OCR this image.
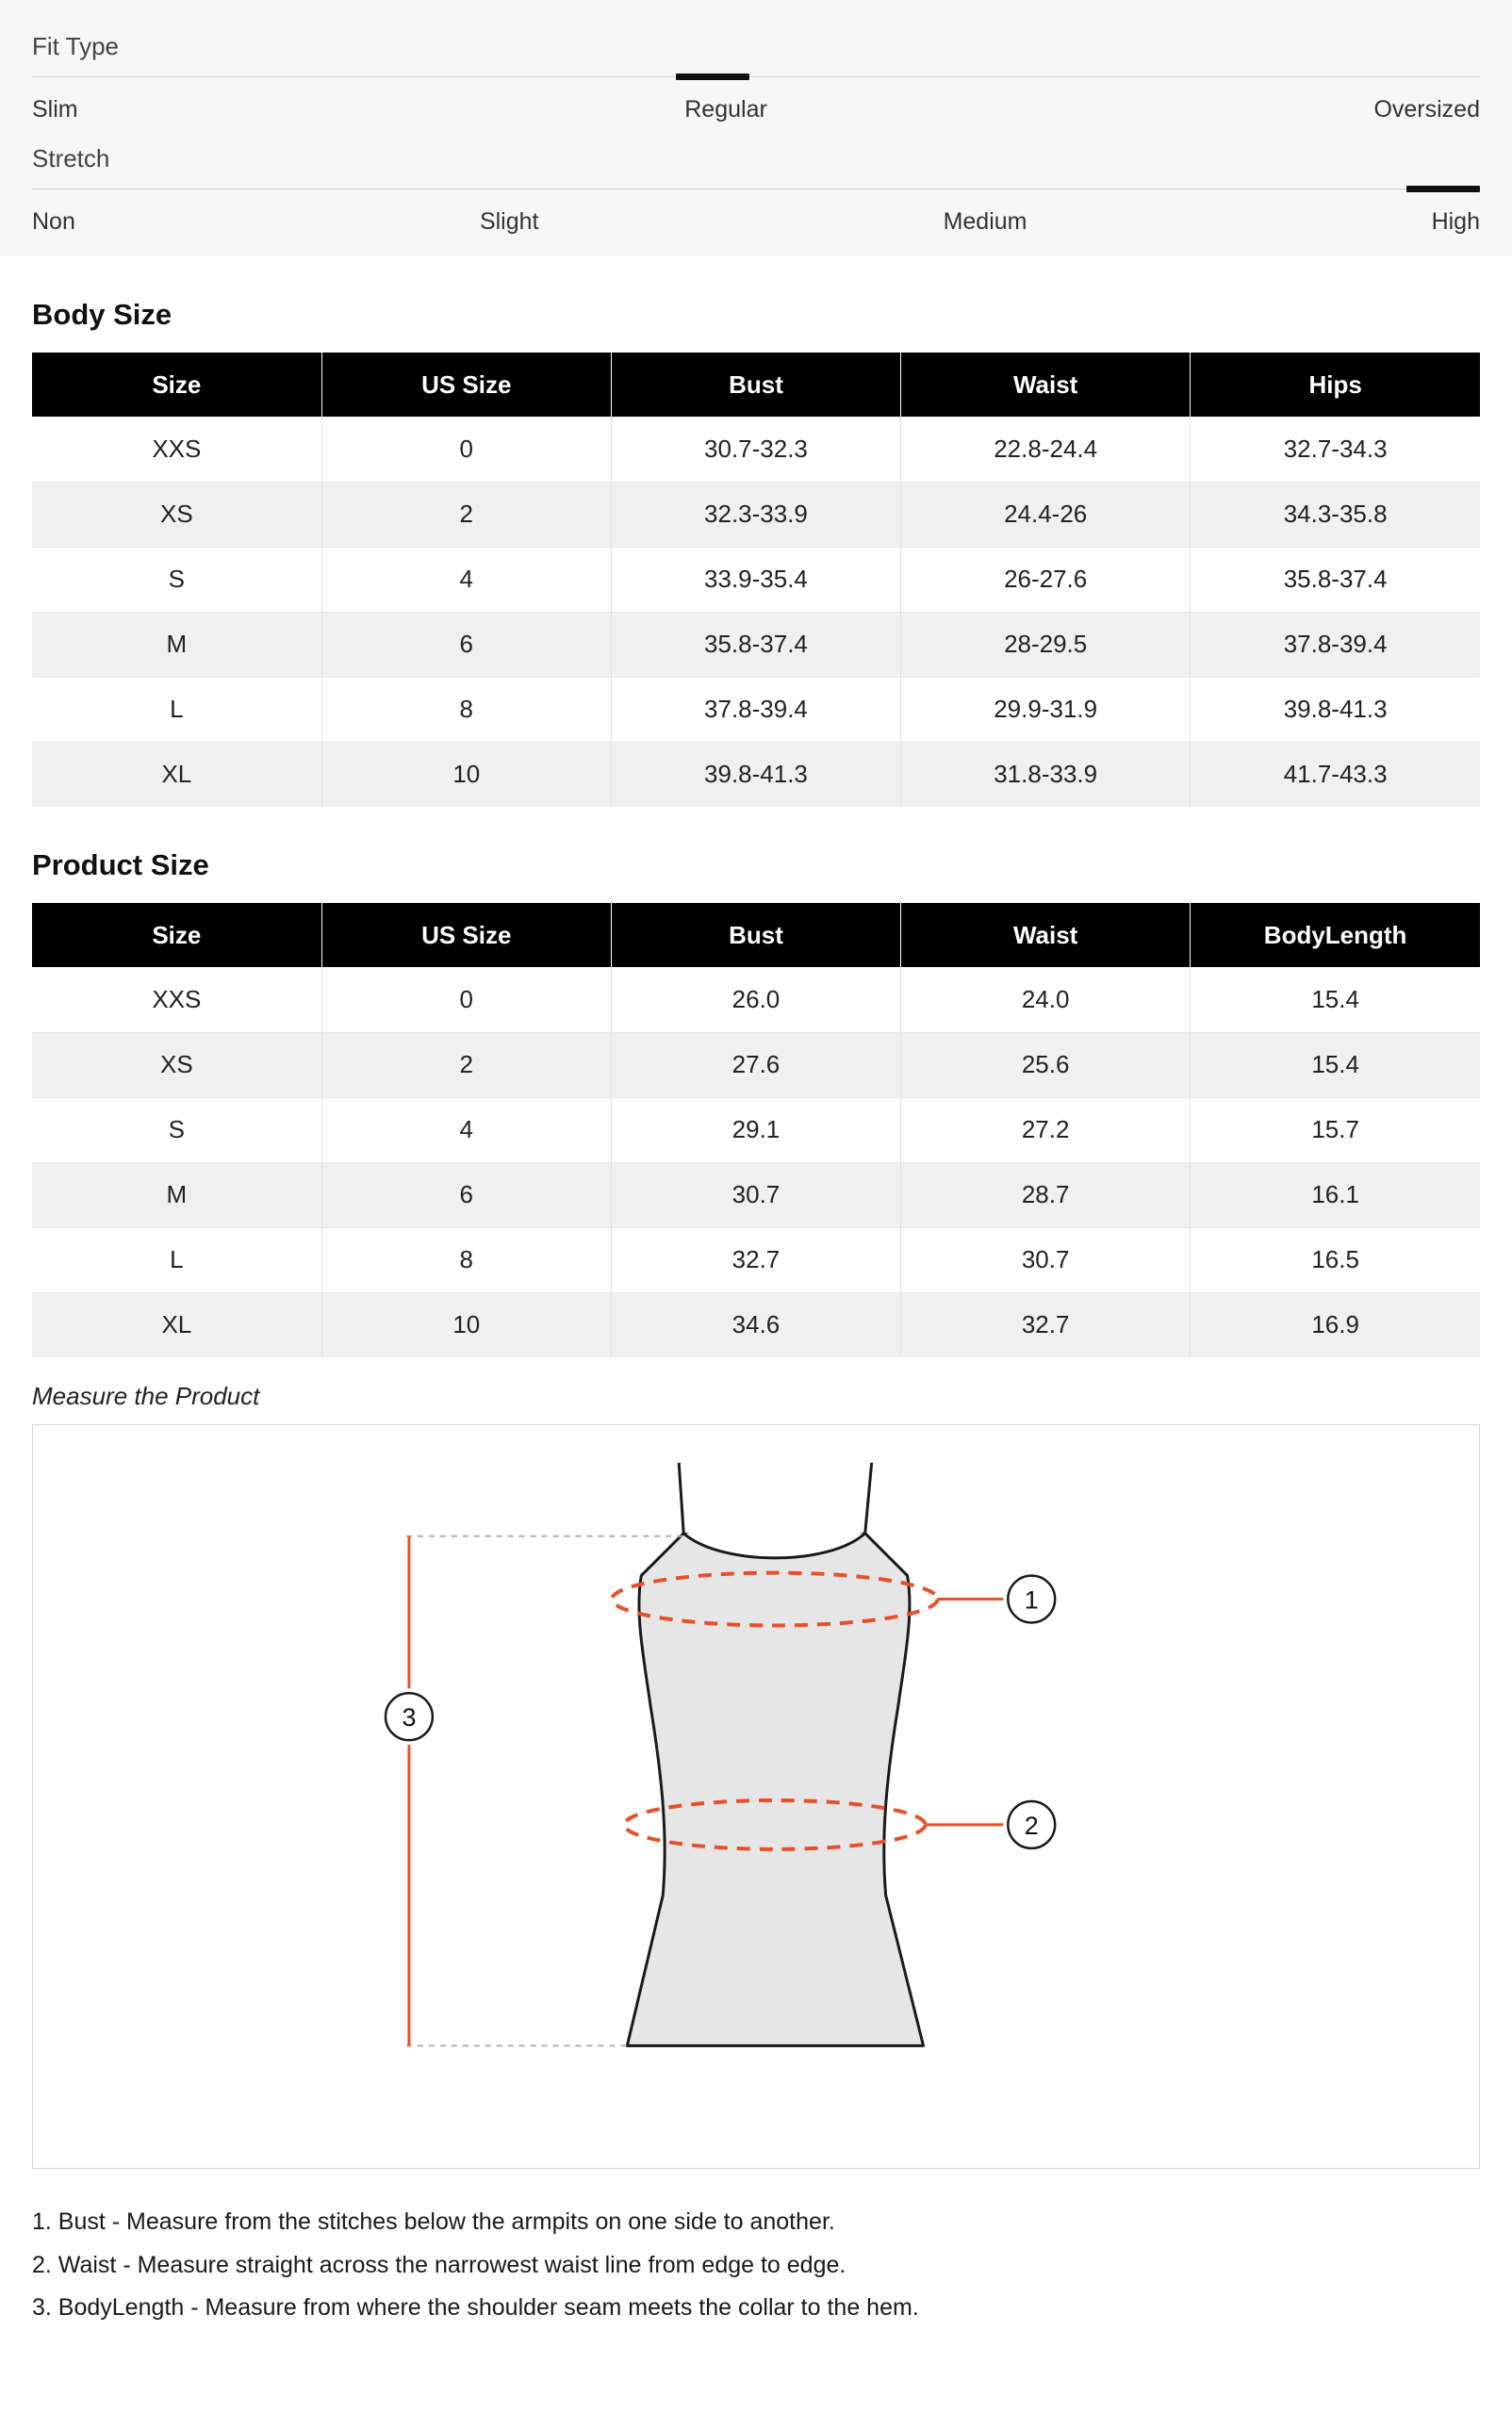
Fit Type
Slim	Regular	Oversized
Stretch
Non	Slight	Medium	High
Body Size
Size	US Size	Bust	Waist	Hips
XXS	0	30.7-32.3	22.8-24.4	32.7-34.3
XS	2	32.3-33.9	24.4-26	34.3-35.8
S	4	33.9-35.4	26-27.6	35.8-37.4
M	6	35.8-37.4	28-29.5	37.8-39.4
L	8	37.8-39.4	29.9-31.9	39.8-41.3
XL	10	39.8-41.3	31.8-33.9	41.7-43.3
Product Size
Size	US Size	Bust	Waist	BodyLength
XXS	0	26.0	24.0	15.4
XS	2	27.6	25.6	15.4
S	4	29.1	27.2	15.7
M	6	30.7	28.7	16.1
L	8	32.7	30.7	16.5
XL	10	34.6	32.7	16.9
Measure the Product
1
2
3
1. Bust - Measure from the stitches below the armpits on one side to another.
2. Waist - Measure straight across the narrowest waist line from edge to edge.
3. BodyLength - Measure from where the shoulder seam meets the collar to the hem.
